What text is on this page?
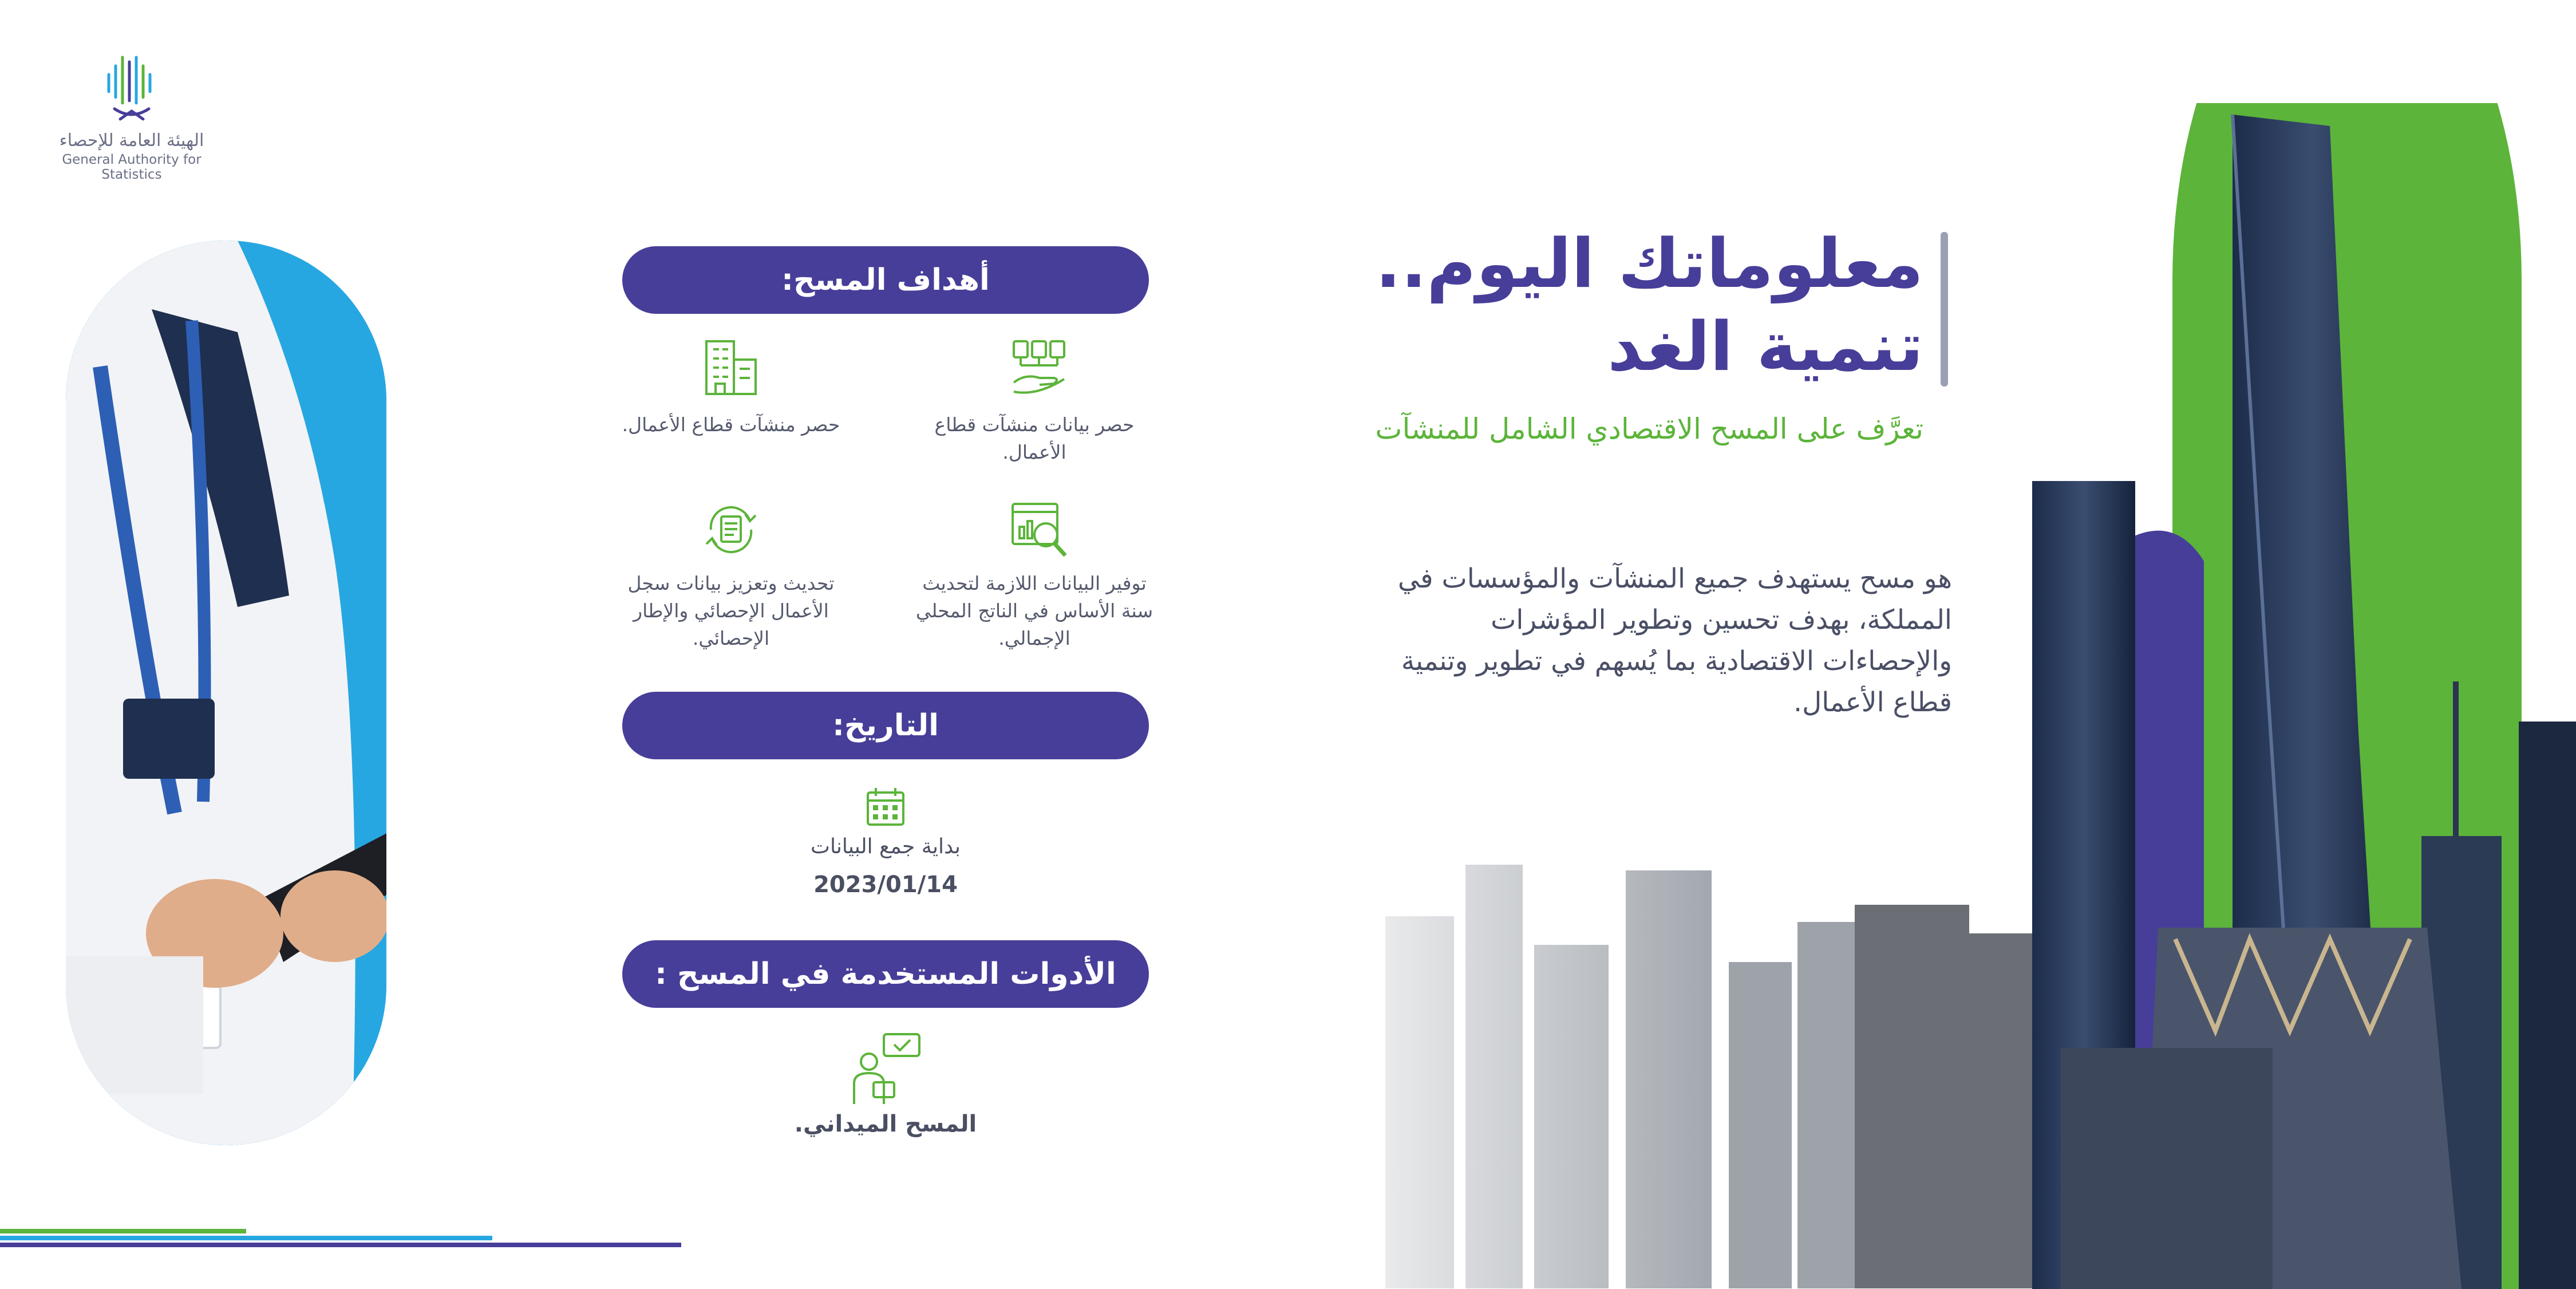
الهيئة العامة للإحصاء
General Authority for Statistics
أهداف المسح:
حصر بيانات منشآت قطاع الأعمال.
حصر منشآت قطاع الأعمال.
توفير البيانات اللازمة لتحديث سنة الأساس في الناتج المحلي الإجمالي.
تحديث وتعزيز بيانات سجل الأعمال الإحصائي والإطار الإحصائي.
التاريخ:
بداية جمع البيانات
2023/01/14
الأدوات المستخدمة في المسح :
المسح الميداني.
معلوماتك اليوم..
تنمية الغد
تعرَّف على المسح الاقتصادي الشامل للمنشآت
هو مسح يستهدف جميع المنشآت والمؤسسات في المملكة، بهدف تحسين وتطوير المؤشرات والإحصاءات الاقتصادية بما يُسهم في تطوير وتنمية قطاع الأعمال.
